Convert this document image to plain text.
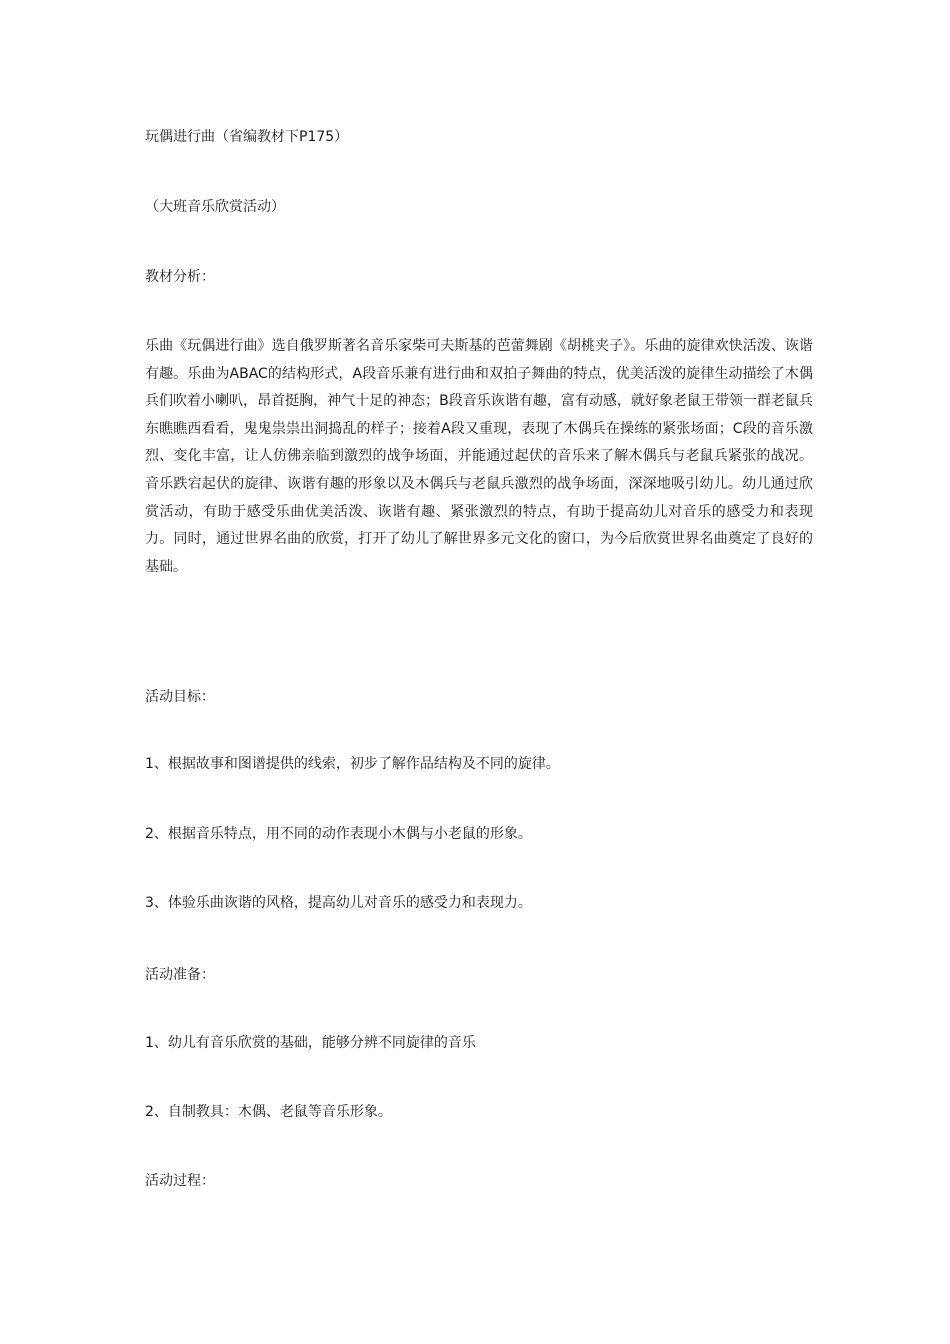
玩偶进行曲（省编教材下P175）

（大班音乐欣赏活动）

教材分析：

乐曲《玩偶进行曲》选自俄罗斯著名音乐家柴可夫斯基的芭蕾舞剧《胡桃夹子》。乐曲的旋律欢快活泼、诙谐有趣。乐曲为ABAC的结构形式，A段音乐兼有进行曲和双拍子舞曲的特点，优美活泼的旋律生动描绘了木偶兵们吹着小喇叭，昂首挺胸，神气十足的神态；B段音乐诙谐有趣，富有动感，就好象老鼠王带领一群老鼠兵东瞧瞧西看看，鬼鬼祟祟出洞捣乱的样子；接着A段又重现，表现了木偶兵在操练的紧张场面；C段的音乐激烈、变化丰富，让人仿佛亲临到激烈的战争场面，并能通过起伏的音乐来了解木偶兵与老鼠兵紧张的战况。音乐跌宕起伏的旋律、诙谐有趣的形象以及木偶兵与老鼠兵激烈的战争场面，深深地吸引幼儿。幼儿通过欣赏活动，有助于感受乐曲优美活泼、诙谐有趣、紧张激烈的特点，有助于提高幼儿对音乐的感受力和表现力。同时，通过世界名曲的欣赏，打开了幼儿了解世界多元文化的窗口，为今后欣赏世界名曲奠定了良好的基础。

活动目标：

1、根据故事和图谱提供的线索，初步了解作品结构及不同的旋律。

2、根据音乐特点，用不同的动作表现小木偶与小老鼠的形象。

3、体验乐曲诙谐的风格，提高幼儿对音乐的感受力和表现力。

活动准备：

1、幼儿有音乐欣赏的基础，能够分辨不同旋律的音乐

2、自制教具：木偶、老鼠等音乐形象。

活动过程：
